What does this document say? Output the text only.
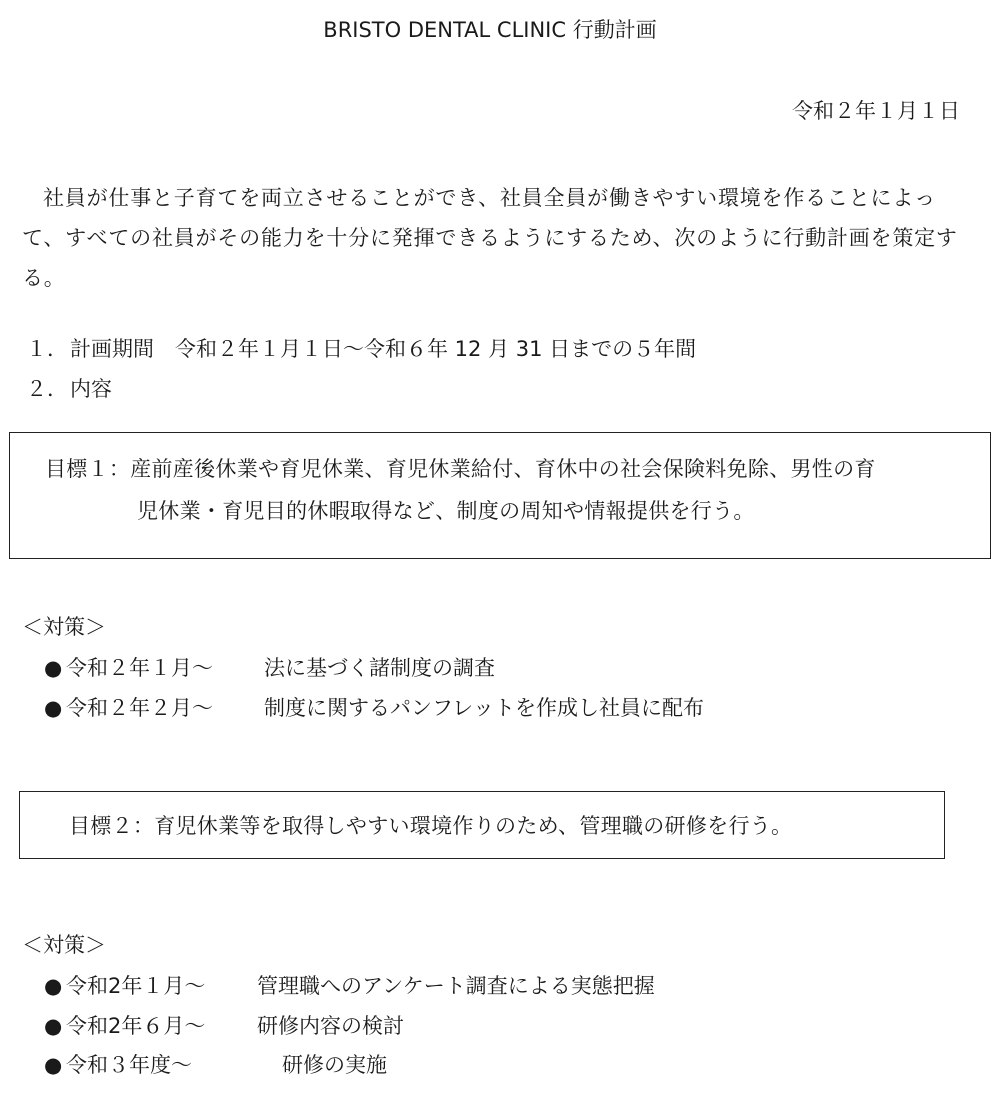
BRISTO DENTAL CLINIC 行動計画
令和２年１月１日
社員が仕事と子育てを両立させることができ、社員全員が働きやすい環境を作ることによって、すべての社員がその能力を十分に発揮できるようにするため、次のように行動計画を策定する。
１．計画期間　令和２年１月１日～令和６年 12 月 31 日までの５年間
２．内容
目標１：産前産後休業や育児休業、育児休業給付、育休中の社会保険料免除、男性の育
児休業・育児目的休暇取得など、制度の周知や情報提供を行う。
＜対策＞
● 令和２年１月～ 法に基づく諸制度の調査
● 令和２年２月～ 制度に関するパンフレットを作成し社員に配布
目標２：育児休業等を取得しやすい環境作りのため、管理職の研修を行う。
＜対策＞
● 令和2年１月～ 管理職へのアンケート調査による実態把握
● 令和2年６月～ 研修内容の検討
● 令和３年度～	研修の実施
